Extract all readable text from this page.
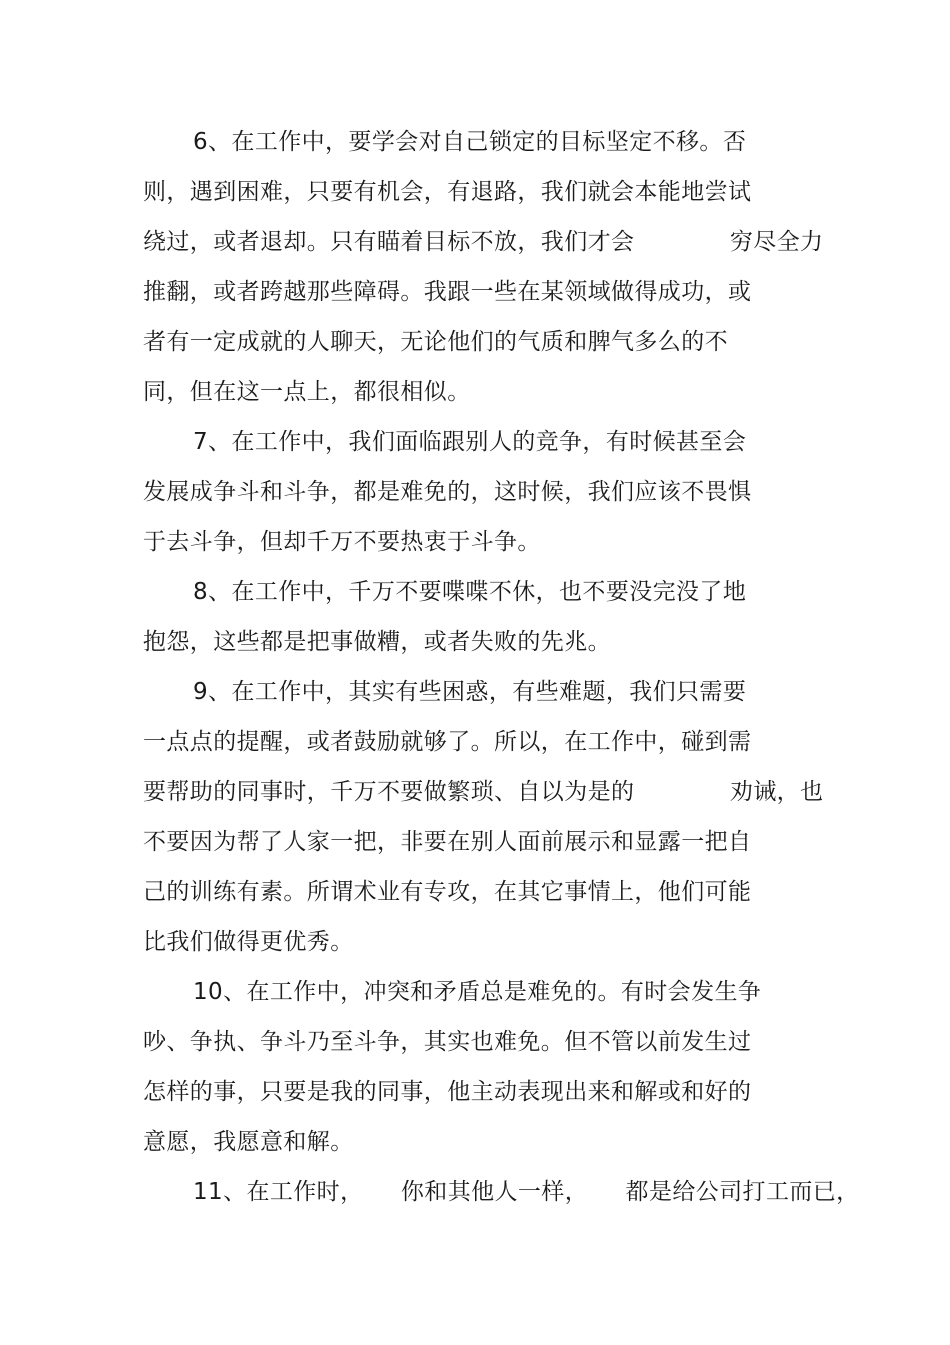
6、在工作中，要学会对自己锁定的目标坚定不移。否
则，遇到困难，只要有机会，有退路，我们就会本能地尝试
绕过，或者退却。只有瞄着目标不放，我们才会	穷尽全力
推翻，或者跨越那些障碍。我跟一些在某领域做得成功，或
者有一定成就的人聊天，无论他们的气质和脾气多么的不
同，但在这一点上，都很相似。
7、在工作中，我们面临跟别人的竞争，有时候甚至会
发展成争斗和斗争，都是难免的，这时候，我们应该不畏惧
于去斗争，但却千万不要热衷于斗争。
8、在工作中，千万不要喋喋不休，也不要没完没了地
抱怨，这些都是把事做糟，或者失败的先兆。
9、在工作中，其实有些困惑，有些难题，我们只需要
一点点的提醒，或者鼓励就够了。所以，在工作中，碰到需
要帮助的同事时，千万不要做繁琐、自以为是的	劝诫，也
不要因为帮了人家一把，非要在别人面前展示和显露一把自
己的训练有素。所谓术业有专攻，在其它事情上，他们可能
比我们做得更优秀。
10、在工作中，冲突和矛盾总是难免的。有时会发生争
吵、争执、争斗乃至斗争，其实也难免。但不管以前发生过
怎样的事，只要是我的同事，他主动表现出来和解或和好的
意愿，我愿意和解。
11、在工作时， 你和其他人一样， 都是给公司打工而已，
